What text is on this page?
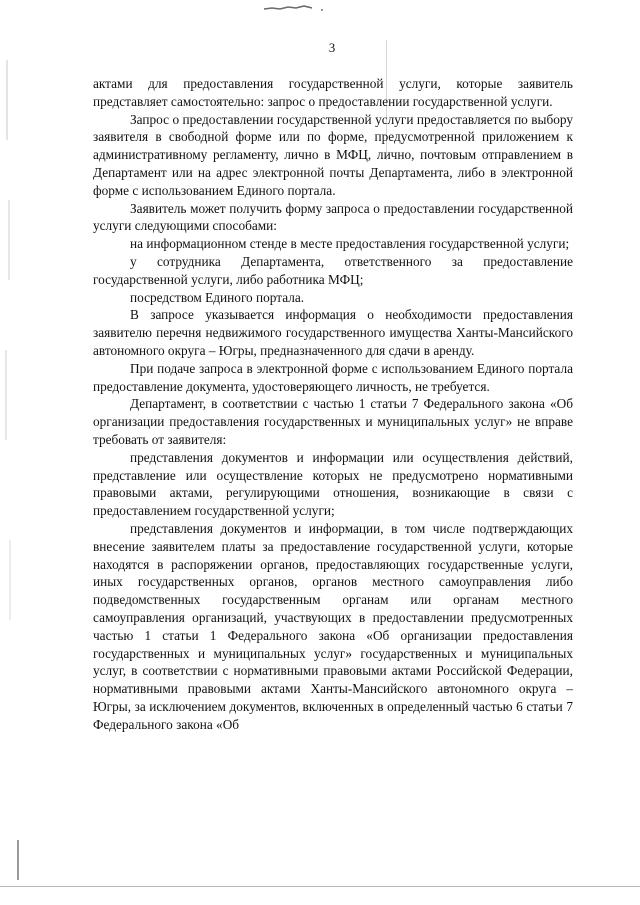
3

актами для предоставления государственной услуги, которые заявитель представляет самостоятельно: запрос о предоставлении государственной услуги.

Запрос о предоставлении государственной услуги предоставляется по выбору заявителя в свободной форме или по форме, предусмотренной приложением к административному регламенту, лично в МФЦ, лично, почтовым отправлением в Департамент или на адрес электронной почты Департамента, либо в электронной форме с использованием Единого портала.

Заявитель может получить форму запроса о предоставлении государственной услуги следующими способами:

на информационном стенде в месте предоставления государственной услуги;

у сотрудника Департамента, ответственного за предоставление государственной услуги, либо работника МФЦ;

посредством Единого портала.

В запросе указывается информация о необходимости предоставления заявителю перечня недвижимого государственного имущества Ханты-Мансийского автономного округа – Югры, предназначенного для сдачи в аренду.

При подаче запроса в электронной форме с использованием Единого портала предоставление документа, удостоверяющего личность, не требуется.

Департамент, в соответствии с частью 1 статьи 7 Федерального закона «Об организации предоставления государственных и муниципальных услуг» не вправе требовать от заявителя:

представления документов и информации или осуществления действий, представление или осуществление которых не предусмотрено нормативными правовыми актами, регулирующими отношения, возникающие в связи с предоставлением государственной услуги;

представления документов и информации, в том числе подтверждающих внесение заявителем платы за предоставление государственной услуги, которые находятся в распоряжении органов, предоставляющих государственные услуги, иных государственных органов, органов местного самоуправления либо подведомственных государственным органам или органам местного самоуправления организаций, участвующих в предоставлении предусмотренных частью 1 статьи 1 Федерального закона «Об организации предоставления государственных и муниципальных услуг» государственных и муниципальных услуг, в соответствии с нормативными правовыми актами Российской Федерации, нормативными правовыми актами Ханты-Мансийского автономного округа – Югры, за исключением документов, включенных в определенный частью 6 статьи 7 Федерального закона «Об
